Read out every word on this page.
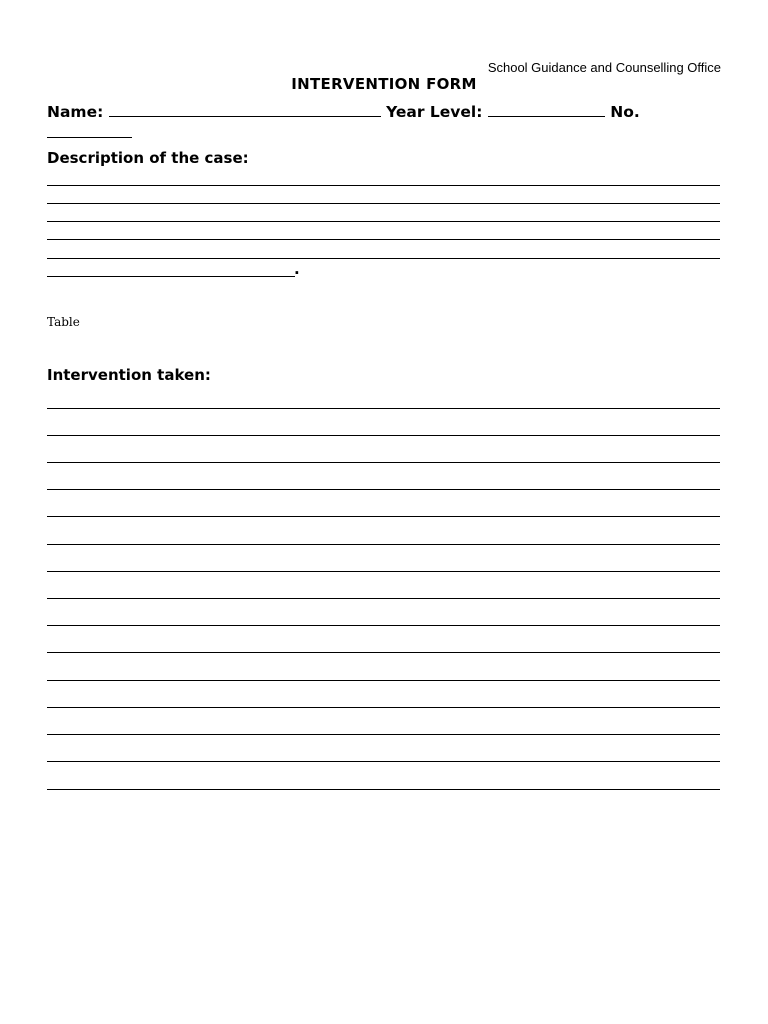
School Guidance and Counselling Office
INTERVENTION FORM
Name:	Year Level:	No.

Description of the case:
.
Table
Intervention taken:
